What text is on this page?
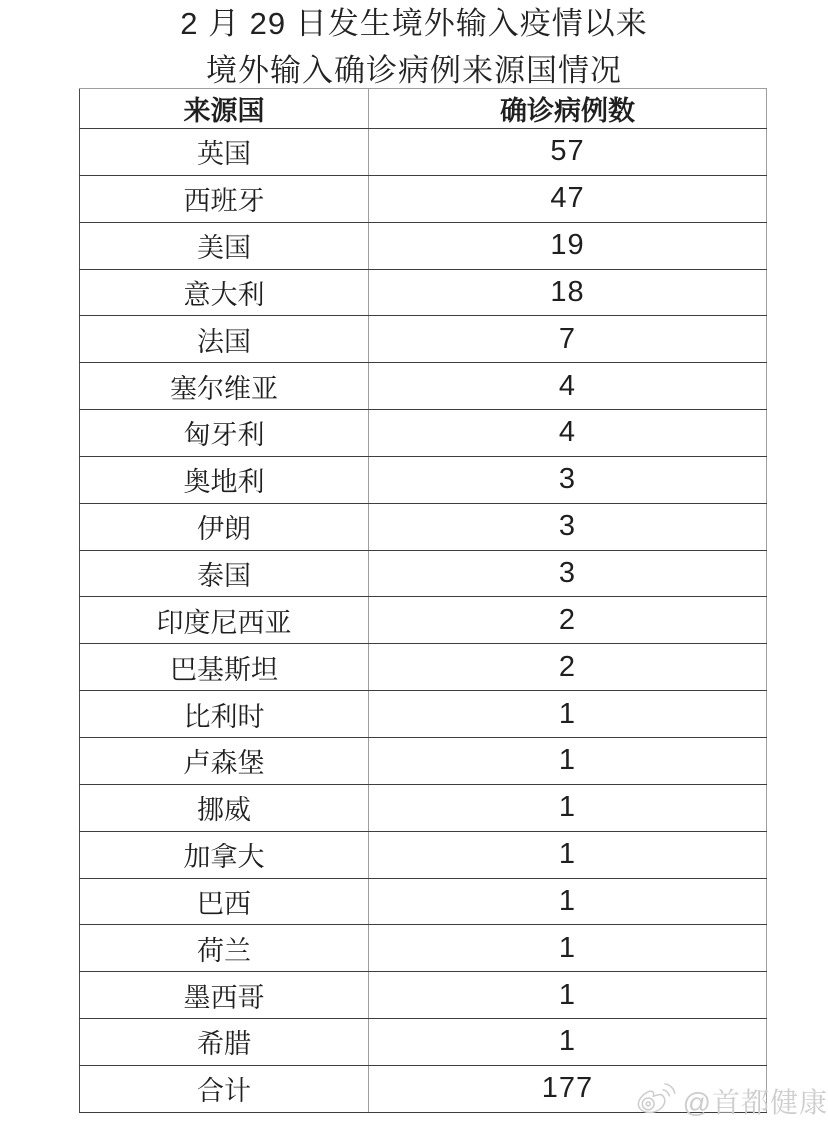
2 月 29 日发生境外输入疫情以来
境外输入确诊病例来源国情况
来源国	确诊病例数
英国	57
西班牙	47
美国	19
意大利	18
法国	7
塞尔维亚	4
匈牙利	4
奥地利	3
伊朗	3
泰国	3
印度尼西亚	2
巴基斯坦	2
比利时	1
卢森堡	1
挪威	1
加拿大	1
巴西	1
荷兰	1
墨西哥	1
希腊	1
合计	177	@首都健康
